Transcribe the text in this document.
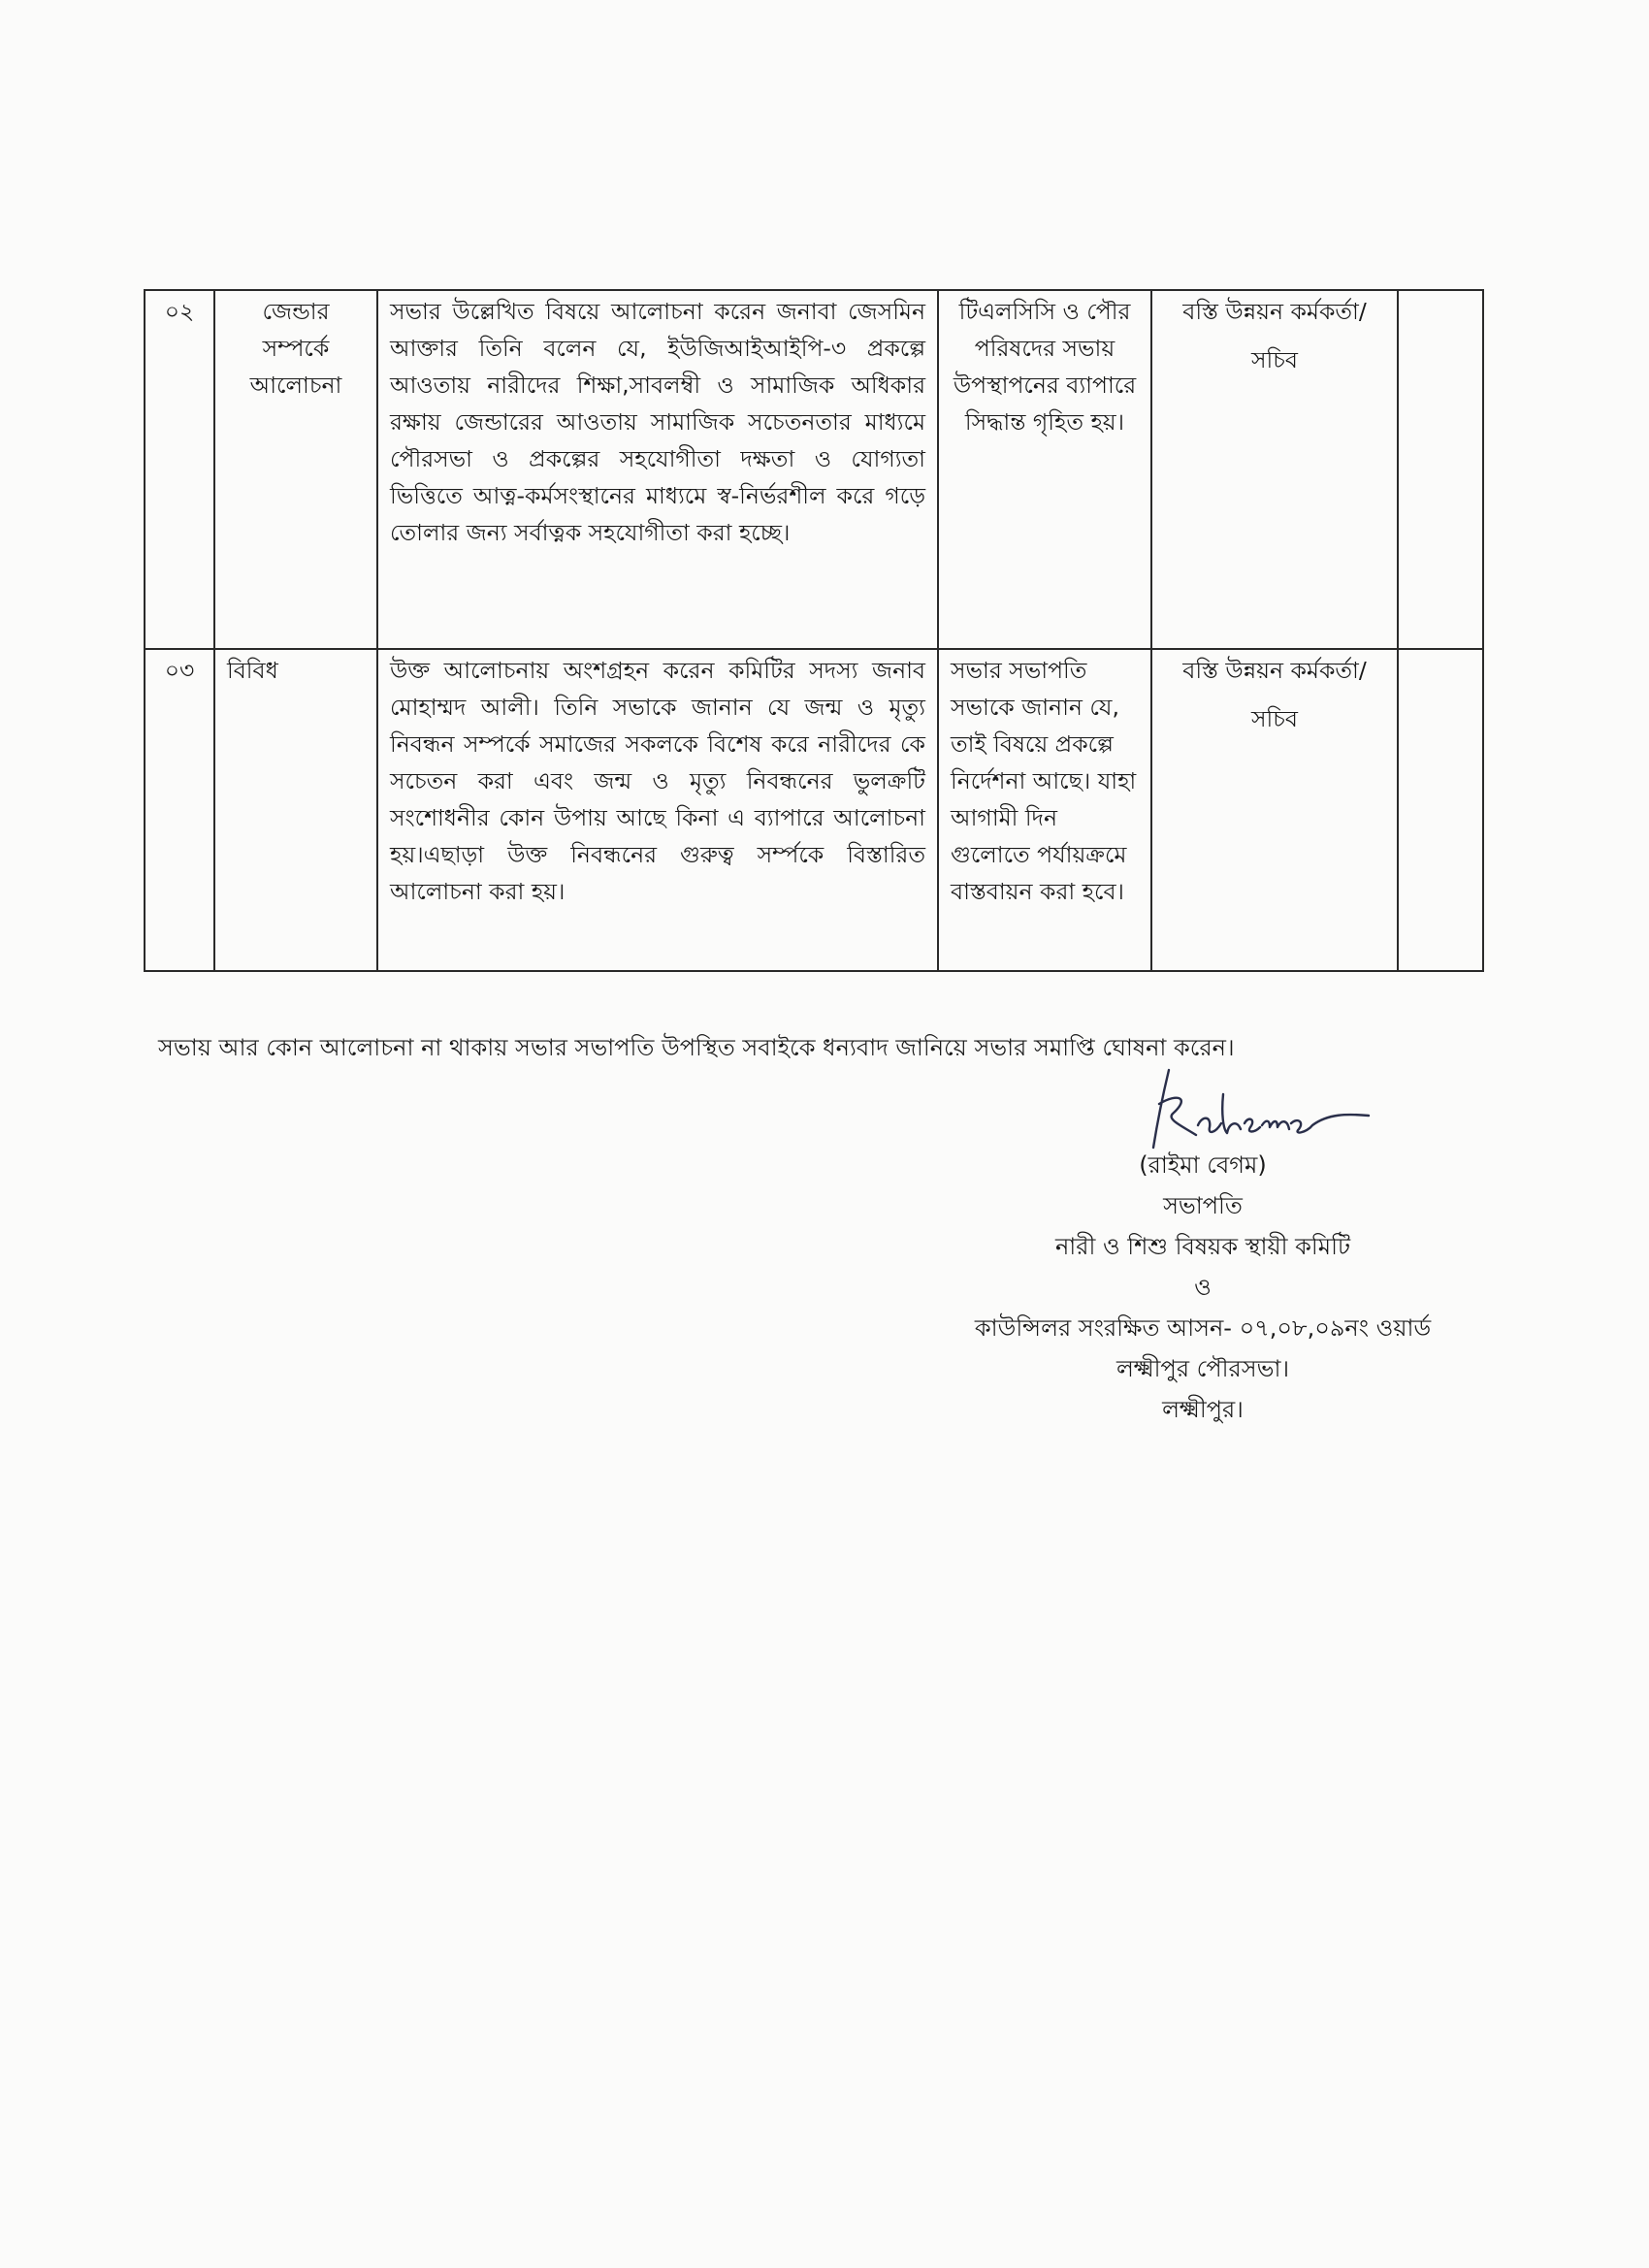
০২	জেন্ডার সম্পর্কে আলোচনা	সভার উল্লেখিত বিষয়ে আলোচনা করেন জনাবা জেসমিন আক্তার তিনি বলেন যে, ইউজিআইআইপি-৩ প্রকল্পে আওতায় নারীদের শিক্ষা,সাবলম্বী ও সামাজিক অধিকার রক্ষায় জেন্ডারের আওতায় সামাজিক সচেতনতার মাধ্যমে পৌরসভা ও প্রকল্পের সহযোগীতা দক্ষতা ও যোগ্যতা ভিত্তিতে আত্ন-কর্মসংস্থানের মাধ্যমে স্ব-নির্ভরশীল করে গড়ে তোলার জন্য সর্বাত্নক সহযোগীতা করা হচ্ছে।	টিএলসিসি ও পৌর পরিষদের সভায় উপস্থাপনের ব্যাপারে সিদ্ধান্ত গৃহিত হয়।	বস্তি উন্নয়ন কর্মকর্তা/
সচিব	

০৩	বিবিধ	উক্ত আলোচনায় অংশগ্রহন করেন কমিটির সদস্য জনাব মোহাম্মদ আলী। তিনি সভাকে জানান যে জন্ম ও মৃত্যু নিবন্ধন সম্পর্কে সমাজের সকলকে বিশেষ করে নারীদের কে সচেতন করা এবং জন্ম ও মৃত্যু নিবন্ধনের ভুলক্রটি সংশোধনীর কোন উপায় আছে কিনা এ ব্যাপারে আলোচনা হয়।এছাড়া উক্ত নিবন্ধনের গুরুত্ব সর্ম্পকে বিস্তারিত আলোচনা করা হয়।	সভার সভাপতি সভাকে জানান যে, তাই বিষয়ে প্রকল্পে নির্দেশনা আছে। যাহা আগামী দিন গুলোতে পর্যায়ক্রমে বাস্তবায়ন করা হবে।	বস্তি উন্নয়ন কর্মকর্তা/
সচিব	

সভায় আর কোন আলোচনা না থাকায় সভার সভাপতি উপস্থিত সবাইকে ধন্যবাদ জানিয়ে সভার সমাপ্তি ঘোষনা করেন।
(রাইমা বেগম)
সভাপতি
নারী ও শিশু বিষয়ক স্থায়ী কমিটি
ও
কাউন্সিলর সংরক্ষিত আসন- ০৭,০৮,০৯নং ওয়ার্ড
লক্ষ্মীপুর পৌরসভা।
লক্ষ্মীপুর।
